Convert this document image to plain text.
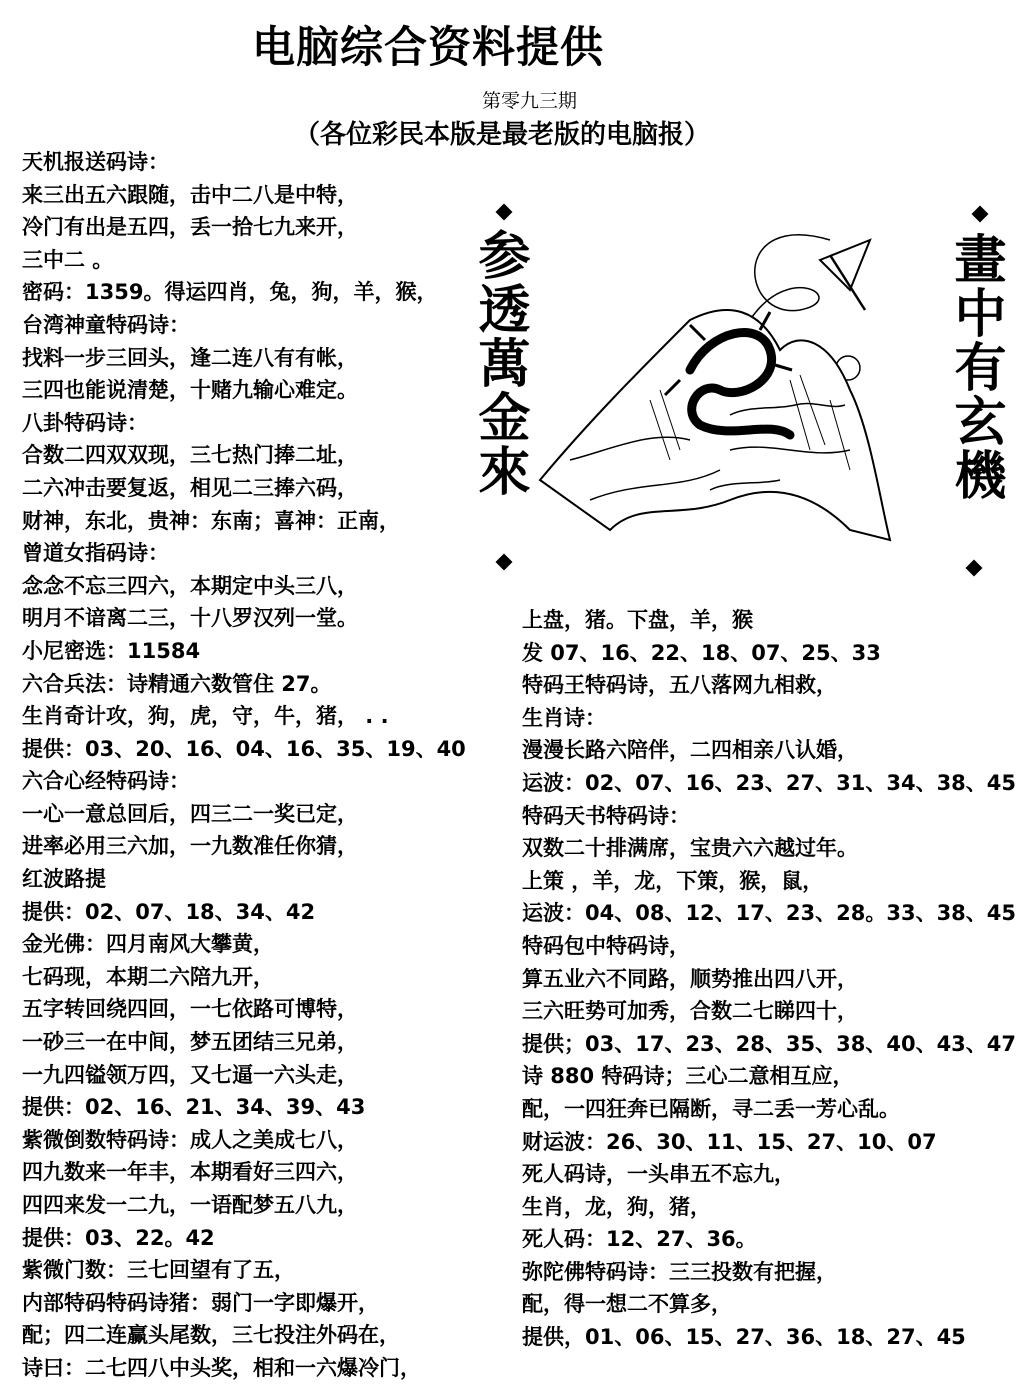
电脑综合资料提供
第零九三期
（各位彩民本版是最老版的电脑报）
天机报送码诗：
来三出五六跟随，击中二八是中特，
冷门有出是五四，丢一拾七九来开，
三中二 。
密码：1359。得运四肖，兔，狗，羊，猴，
台湾神童特码诗：
找料一步三回头，逢二连八有有帐，
三四也能说清楚，十赌九输心难定。
八卦特码诗：
合数二四双双现，三七热门捧二址，
二六冲击要复返，相见二三捧六码，
财神，东北，贵神：东南；喜神：正南，
曾道女指码诗：
念念不忘三四六，本期定中头三八，
明月不谙离二三，十八罗汉列一堂。
小尼密选：11584
六合兵法：诗精通六数管住 27。
生肖奇计攻，狗，虎，守，牛，猪， . .
提供：03、20、16、04、16、35、19、40
六合心经特码诗：
一心一意总回后，四三二一奖已定，
进率必用三六加，一九数准任你猜，
红波路提
提供：02、07、18、34、42
金光佛：四月南风大攀黄，
七码现，本期二六陪九开，
五字转回绕四回，一七依路可博特，
一砂三一在中间，梦五团结三兄弟，
一九四镒领万四，又七逼一六头走，
提供：02、16、21、34、39、43
紫微倒数特码诗：成人之美成七八，
四九数来一年丰，本期看好三四六，
四四来发一二九，一语配梦五八九，
提供：03、22。42
紫微门数：三七回望有了五，
内部特码特码诗猪：弱门一字即爆开，
配；四二连赢头尾数，三七投注外码在，
诗曰：二七四八中头奖，相和一六爆冷门，
上盘，猪。下盘，羊，猴
发 07、16、22、18、07、25、33
特码王特码诗，五八落网九相救，
生肖诗：
漫漫长路六陪伴，二四相亲八认婚，
运波：02、07、16、23、27、31、34、38、45
特码天书特码诗：
双数二十排满席，宝贵六六越过年。
上策 ，羊，龙，下策，猴，鼠，
运波：04、08、12、17、23、28。33、38、45
特码包中特码诗，
算五业六不同路，顺势推出四八开，
三六旺势可加秀，合数二七睇四十，
提供；03、17、23、28、35、38、40、43、47
诗 880 特码诗；三心二意相互应，
配，一四狂奔已隔断，寻二丢一芳心乱。
财运波：26、30、11、15、27、10、07
死人码诗，一头串五不忘九，
生肖，龙，狗，猪，
死人码：12、27、36。
弥陀佛特码诗：三三投数有把握，
配，得一想二不算多，
提供，01、06、15、27、36、18、27、45
参透萬金來	畫中有玄機
